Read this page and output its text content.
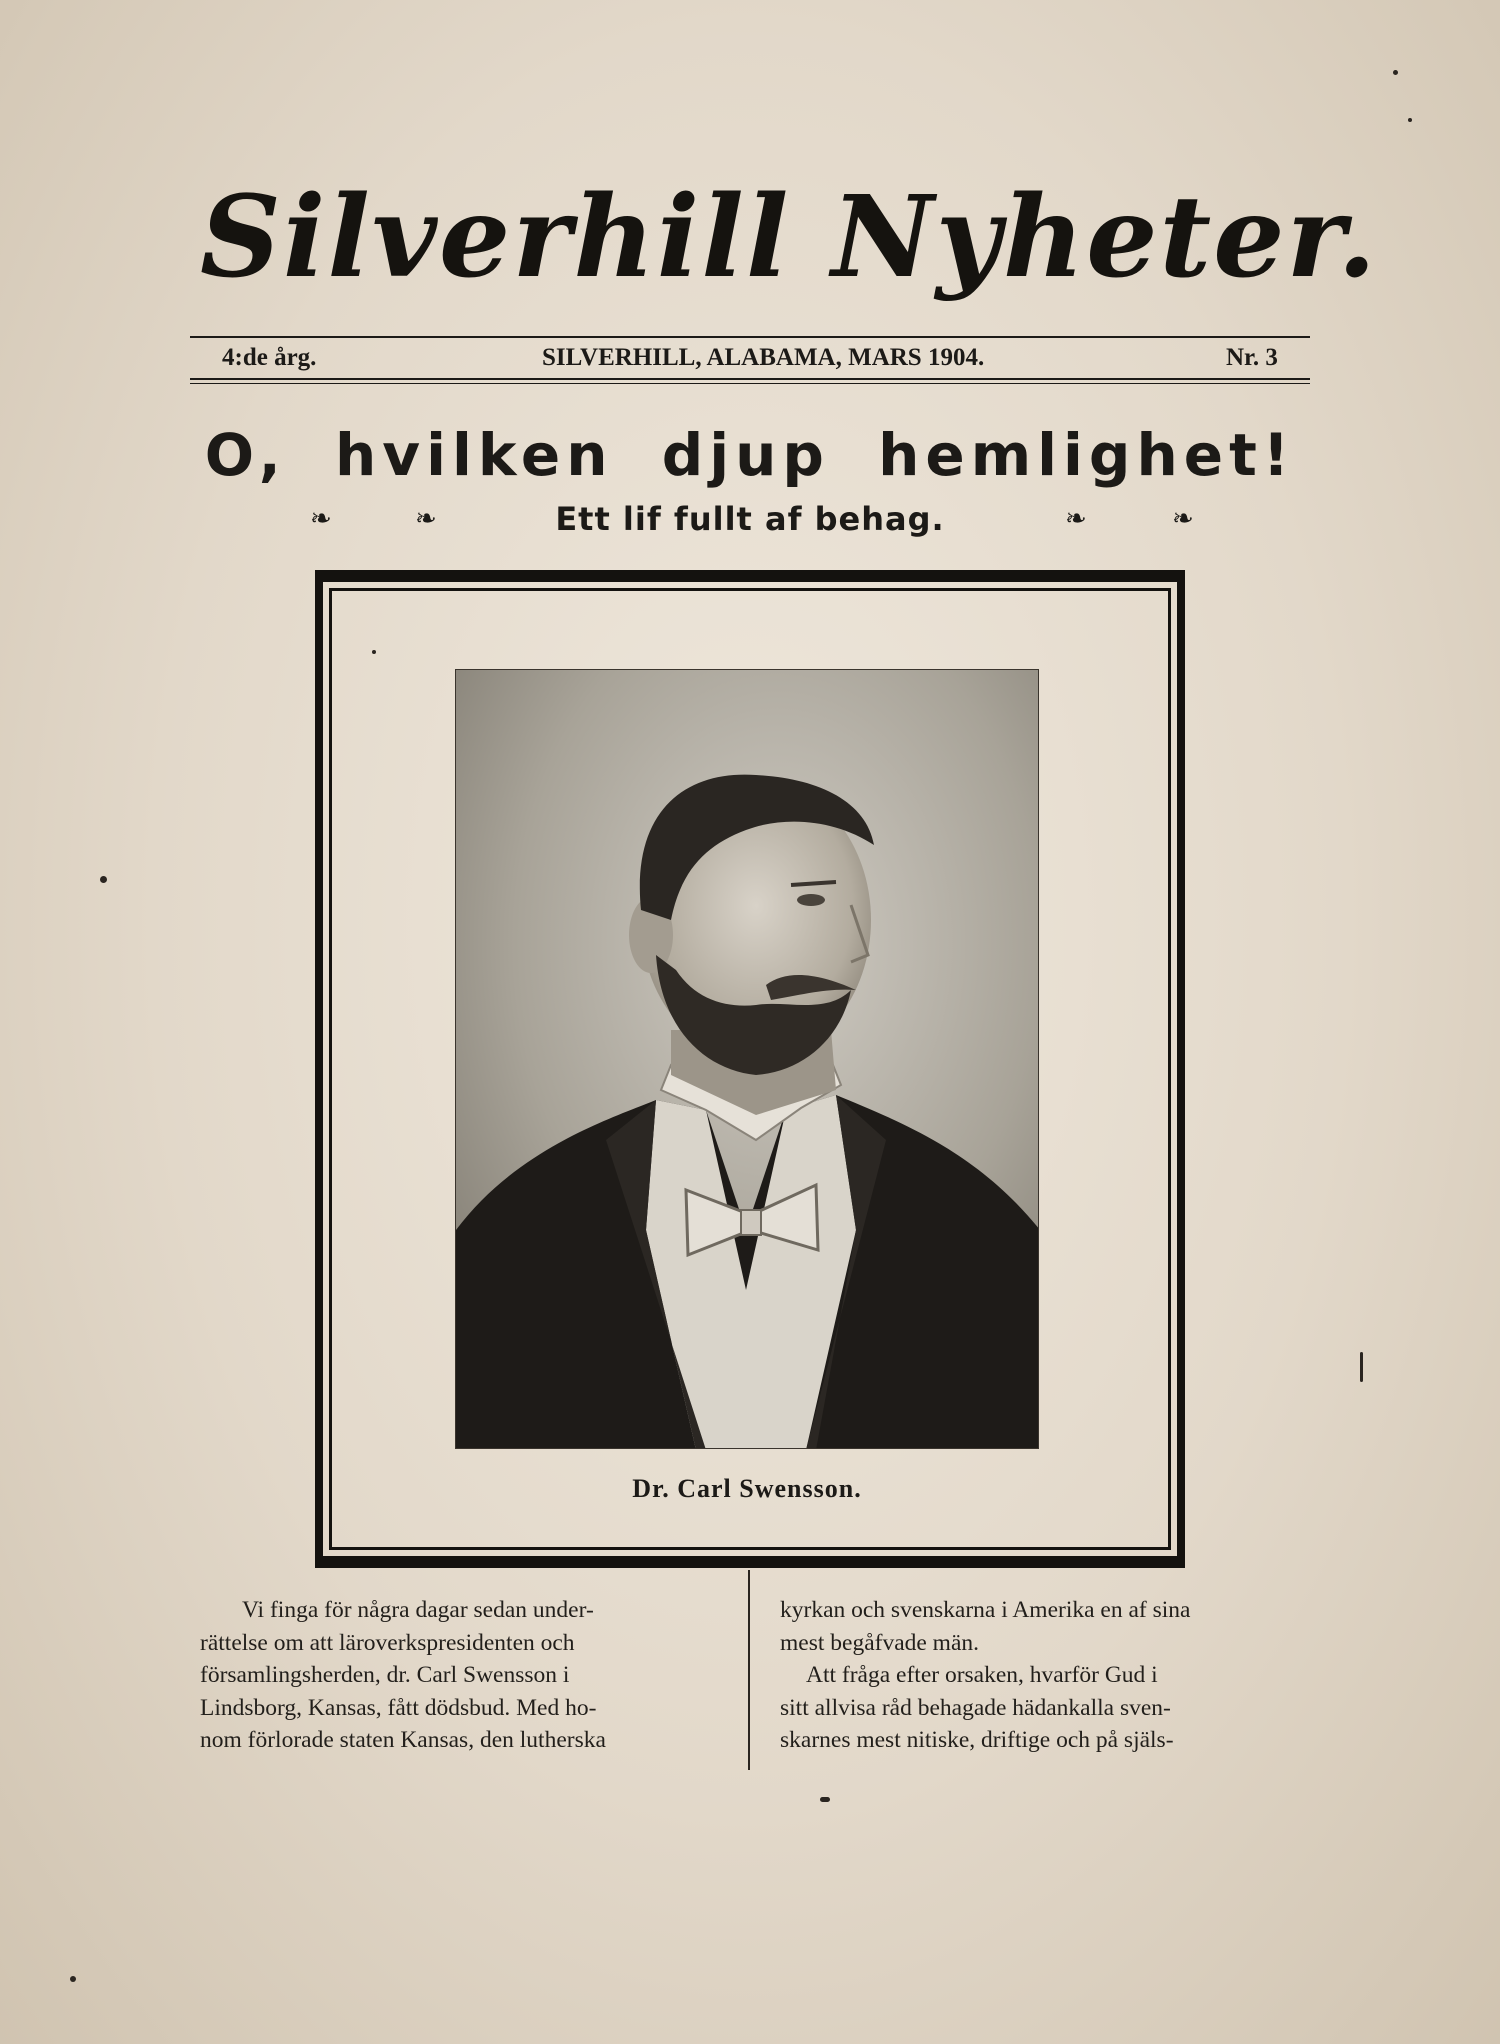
Silverhill Nyheter.
4:de årg.	SILVERHILL, ALABAMA, MARS 1904.	Nr. 3
O, hvilken djup hemlighet!
❧	❧	Ett lif fullt af behag.	❧	❧
Dr. Carl Swensson.
Vi finga för några dagar sedan under-
rättelse om att läroverkspresidenten och
församlingsherden, dr. Carl Swensson i
Lindsborg, Kansas, fått dödsbud. Med ho-
nom förlorade staten Kansas, den lutherska
kyrkan och svenskarna i Amerika en af sina
mest begåfvade män.
Att fråga efter orsaken, hvarför Gud i
sitt allvisa råd behagade hädankalla sven-
skarnes mest nitiske, driftige och på själs-
